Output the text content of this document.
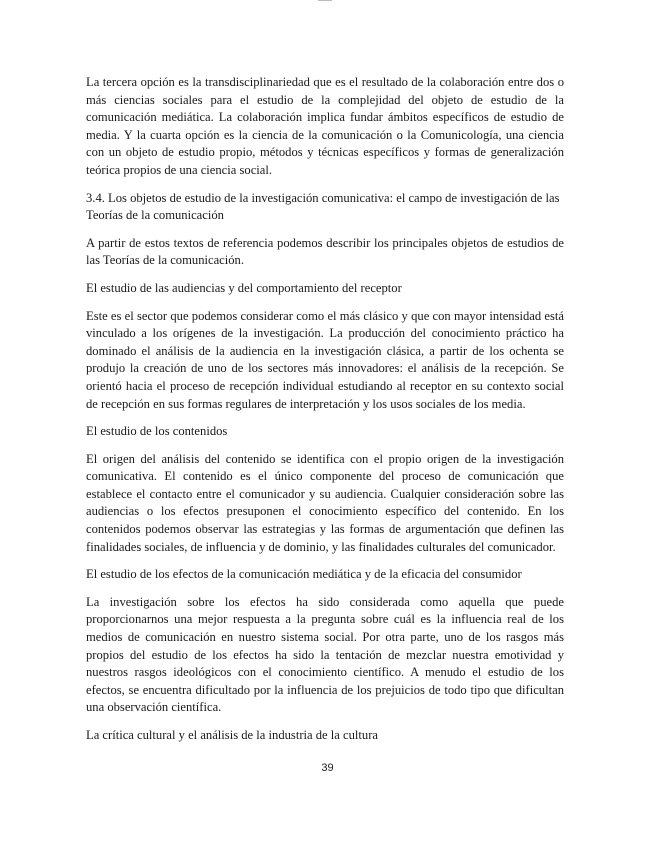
La tercera opción es la transdisciplinariedad que es el resultado de la colaboración entre dos o más ciencias sociales para el estudio de la complejidad del objeto de estudio de la comunicación mediática. La colaboración implica fundar ámbitos específicos de estudio de media. Y la cuarta opción es la ciencia de la comunicación o la Comunicología, una ciencia con un objeto de estudio propio, métodos y técnicas específicos y formas de generalización teórica propios de una ciencia social.

3.4. Los objetos de estudio de la investigación comunicativa: el campo de investigación de las Teorías de la comunicación

A partir de estos textos de referencia podemos describir los principales objetos de estudios de las Teorías de la comunicación.

El estudio de las audiencias y del comportamiento del receptor

Este es el sector que podemos considerar como el más clásico y que con mayor intensidad está vinculado a los orígenes de la investigación. La producción del conocimiento práctico ha dominado el análisis de la audiencia en la investigación clásica, a partir de los ochenta se produjo la creación de uno de los sectores más innovadores: el análisis de la recepción. Se orientó hacia el proceso de recepción individual estudiando al receptor en su contexto social de recepción en sus formas regulares de interpretación y los usos sociales de los media.

El estudio de los contenidos

El origen del análisis del contenido se identifica con el propio origen de la investigación comunicativa. El contenido es el único componente del proceso de comunicación que establece el contacto entre el comunicador y su audiencia. Cualquier consideración sobre las audiencias o los efectos presuponen el conocimiento específico del contenido. En los contenidos podemos observar las estrategias y las formas de argumentación que definen las finalidades sociales, de influencia y de dominio, y las finalidades culturales del comunicador.

El estudio de los efectos de la comunicación mediática y de la eficacia del consumidor

La investigación sobre los efectos ha sido considerada como aquella que puede proporcionarnos una mejor respuesta a la pregunta sobre cuál es la influencia real de los medios de comunicación en nuestro sistema social. Por otra parte, uno de los rasgos más propios del estudio de los efectos ha sido la tentación de mezclar nuestra emotividad y nuestros rasgos ideológicos con el conocimiento científico. A menudo el estudio de los efectos, se encuentra dificultado por la influencia de los prejuicios de todo tipo que dificultan una observación científica.

La crítica cultural y el análisis de la industria de la cultura

39
